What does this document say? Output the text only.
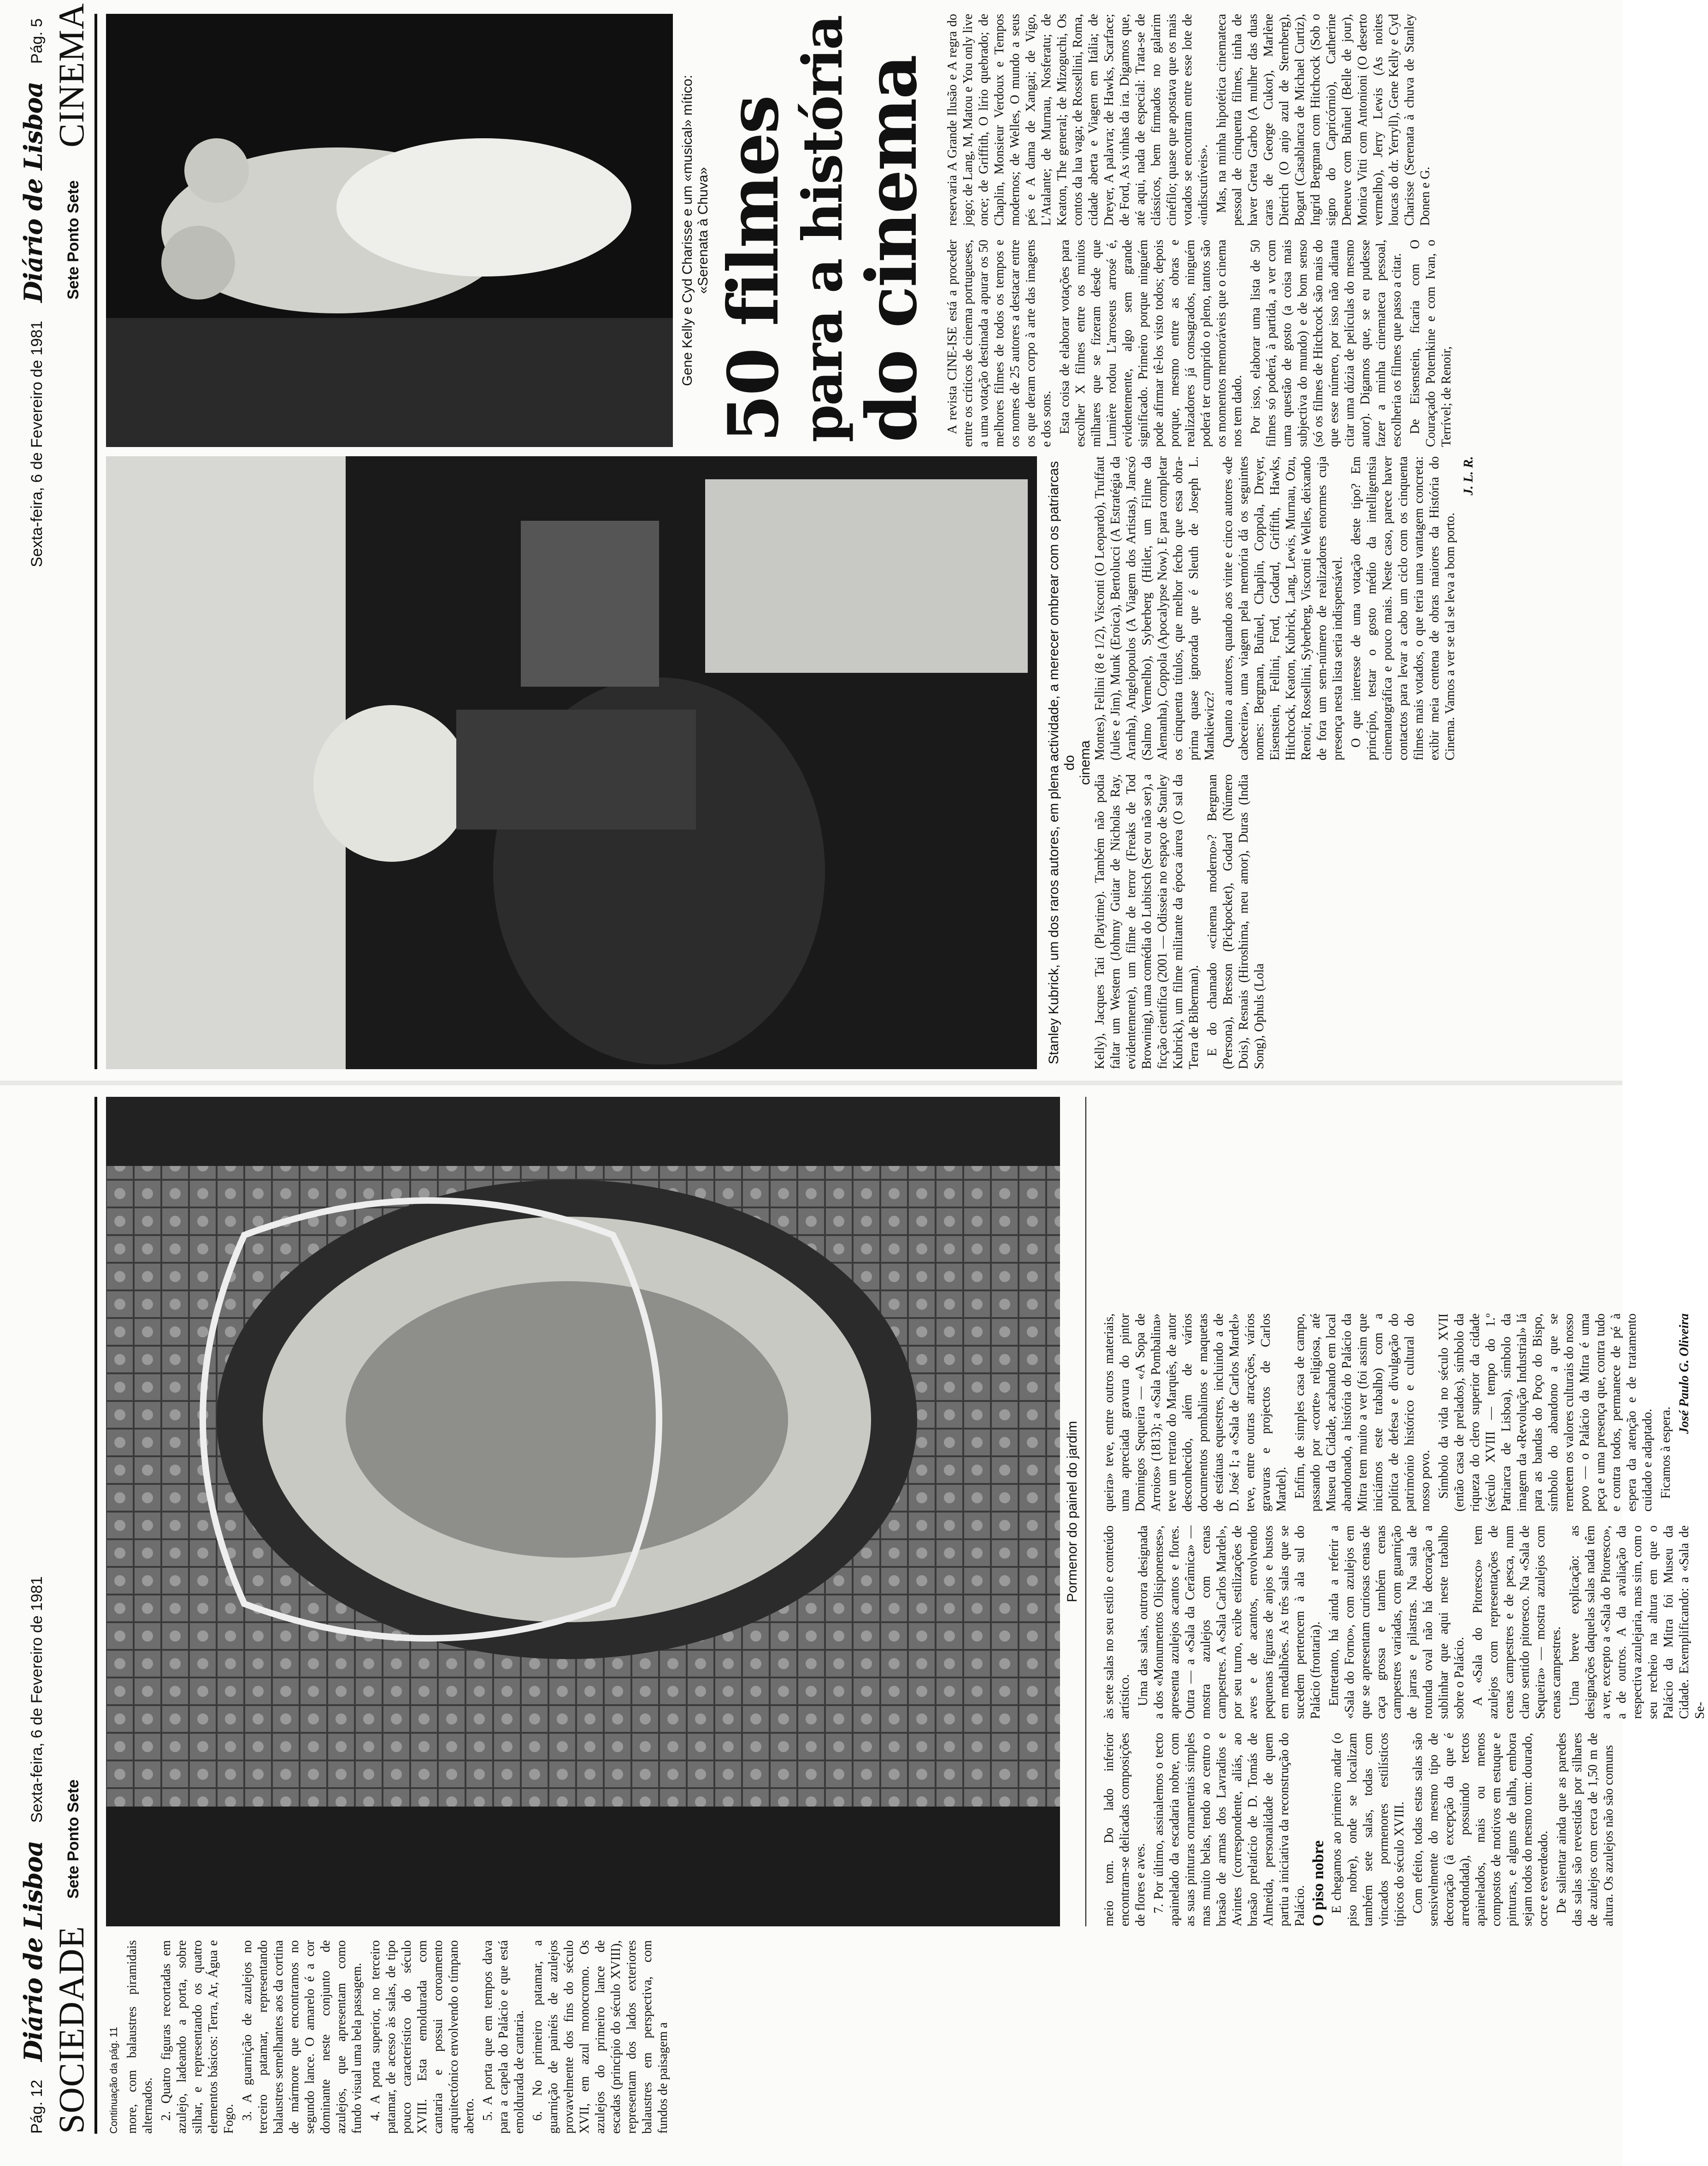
Pág. 12 Diário de Lisboa Sexta-feira, 6 de Fevereiro de 1981
SOCIEDADE
Sete Ponto Sete
Pormenor do painel do jardim

Continuação da pág. 11 more, com balaustres piramidais alternados. 2. Quatro figuras recortadas em azulejo, ladeando a porta, sobre silhar, e representando os quatro elementos básicos: Terra, Ar, Água e Fogo. 3. A guarnição de azulejos no terceiro patamar, representando balaustres semelhantes aos da cortina de mármore que encontramos no segundo lance. O amarelo é a cor dominante neste conjunto de azulejos, que apresentam como fundo visual uma bela passagem. 4. A porta superior, no terceiro patamar, de acesso às salas, de tipo pouco característico do século XVIII. Esta emoldurada com cantaria e possui coroamento arquitectónico envolvendo o tímpano aberto. 5. A porta que em tempos dava para a capela do Palácio e que está emoldurada de cantaria. 6. No primeiro patamar, a guarnição de painéis de azulejos provavelmente dos fins do século XVII, em azul monocromo. Os azulejos do primeiro lance de escadas (princípio do século XVIII), representam dos lados exteriores balaustres em perspectiva, com fundos de paisagem a

meio tom. Do lado inferior encontram-se delicadas composições de flores e aves. 7. Por último, assinalemos o tecto apainelado da escadaria nobre, com as suas pinturas ornamentais simples mas muito belas, tendo ao centro o brasão de armas dos Lavradios e Avintes (correspondente, aliás, ao brasão prelatício de D. Tomás de Almeida, personalidade de quem partiu a iniciativa da reconstrução do Palácio. O piso nobre E chegamos ao primeiro andar (o piso nobre), onde se localizam também sete salas, todas com vincados pormenores estilísticos típicos do século XVIII. Com efeito, todas estas salas são sensivelmente do mesmo tipo de decoração (à excepção da que é arredondada), possuindo tectos apainelados, mais ou menos compostos de motivos em estuque e pinturas, e alguns de talha, embora sejam todos do mesmo tom: dourado, ocre e esverdeado. De salientar ainda que as paredes das salas são revestidas por silhares de azulejos com cerca de 1,50 m de altura. Os azulejos não são comuns

às sete salas no seu estilo e conteúdo artístico. Uma das salas, outrora designada a dos «Monumentos Olisiponenses», apresenta azulejos acantos e flores. Outra — a «Sala da Cerâmica» — mostra azulejos com cenas campestres. A «Sala Carlos Mardel», por seu turno, exibe estilizações de aves e de acantos, envolvendo pequenas figuras de anjos e bustos em medalhões. As três salas que se sucedem pertencem à ala sul do Palácio (frontaria). Entretanto, há ainda a referir a «Sala do Forno», com azulejos em que se apresentam curiosas cenas de caça grossa e também cenas campestres variadas, com guarnição de jarras e pilastras. Na sala de rotunda oval não há decoração a sublinhar que aqui neste trabalho sobre o Palácio. A «Sala do Pitoresco» tem azulejos com representações de cenas campestres e de pesca, num claro sentido pitoresco. Na «Sala de Sequeira» — mostra azulejos com cenas campestres. Uma breve explicação: as designações daquelas salas nada têm a ver, excepto a «Sala do Pitoresco», a de outros. A da avaliação da respectiva azulejaria, mas sim, com o seu recheio na altura em que o Palácio da Mitra foi Museu da Cidade. Exemplificando: a «Sala de Se-

queira» teve, entre outros materiais, uma apreciada gravura do pintor Domingos Sequeira — «A Sopa de Arroios» (1813); a «Sala Pombalina» teve um retrato do Marquês, de autor desconhecido, além de vários documentos pombalinos e maquetas de estátuas equestres, incluindo a de D. José I; a «Sala de Carlos Mardel» teve, entre outras atracções, vários gravuras e projectos de Carlos Mardel). Enfim, de simples casa de campo, passando por «corte» religiosa, até Museu da Cidade, acabando em local abandonado, a história do Palácio da Mitra tem muito a ver (foi assim que iniciámos este trabalho) com a política de defesa e divulgação do património histórico e cultural do nosso povo. Símbolo da vida no século XVII (então casa de prelados), símbolo da riqueza do clero superior da cidade (século XVIII — tempo do 1.º Patriarca de Lisboa), símbolo da imagem da «Revolução Industrial» lá para as bandas do Poço do Bispo, símbolo do abandono a que se remetem os valores culturais do nosso povo — o Palácio da Mitra é uma peça e uma presença que, contra tudo e contra todos, permanece de pé à espera da atenção e de tratamento cuidado e adaptado. Ficamos à espera.

José Paulo G. Oliveira

Sexta-feira, 6 de Fevereiro de 1981 Diário de Lisboa Pág. 5
Sete Ponto Sete
CINEMA
Stanley Kubrick, um dos raros autores, em plena actividade, a merecer ombrear com os patriarcas do cinema
Gene Kelly e Cyd Charisse e um «musical» mítico: «Serenata à Chuva» 50 filmes
para a história
do cinema A revista CINE-ISE está a proceder entre os críticos de cinema portugueses, a uma votação destinada a apurar os 50 melhores filmes de todos os tempos e os nomes de 25 autores a destacar entre os que deram corpo à arte das imagens e dos sons. Esta coisa de elaborar votações para escolher X filmes entre os muitos milhares que se fizeram desde que Lumière rodou L'arroseus arrosé é, evidentemente, algo sem grande significado. Primeiro porque ninguém pode afirmar tê-los visto todos; depois porque, mesmo entre as obras e realizadores já consagrados, ninguém poderá ter cumprido o pleno, tantos são os momentos memoráveis que o cinema nos tem dado. Por isso, elaborar uma lista de 50 filmes só poderá, à partida, a ver com uma questão de gosto (a coisa mais subjectiva do mundo) e de bom senso (só os filmes de Hitchcock são mais do que esse número, por isso não adianta citar uma dúzia de películas do mesmo autor). Digamos que, se eu pudesse fazer a minha cinemateca pessoal, escolheria os filmes que passo a citar. De Eisenstein, ficaria com O Couraçado Potemkine e com Ivan, o Terrível; de Renoir,

reservaria A Grande Ilusão e A regra do jogo; de Lang, M, Matou e You only live once; de Griffith, O lírio quebrado; de Chaplin, Monsieur Verdoux e Tempos modernos; de Welles, O mundo a seus pés e A dama de Xangai; de Vigo, L'Atalante; de Murnau, Nosferatu; de Keaton, The general; de Mizoguchi, Os contos da lua vaga; de Rossellini, Roma, cidade aberta e Viagem em Itália; de Dreyer, A palavra; de Hawks, Scarface; de Ford, As vinhas da ira. Digamos que, até aqui, nada de especial: Trata-se de clássicos, bem firmados no galarim cinéfilo; quase que apostava que os mais votados se encontram entre esse lote de «indiscutíveis». Mas, na minha hipotética cinemateca pessoal de cinquenta filmes, tinha de haver Greta Garbo (A mulher das duas caras de George Cukor), Marlène Dietrich (O anjo azul de Sternberg), Bogart (Casablanca de Michael Curtiz), Ingrid Bergman com Hitchcock (Sob o signo do Capricórnio), Catherine Deneuve com Buñuel (Belle de jour), Monica Vitti com Antonioni (O deserto vermelho), Jerry Lewis (As noites loucas do dr. Yerryll), Gene Kelly e Cyd Charisse (Serenata à chuva de Stanley Donen e G.

Kelly), Jacques Tati (Playtime). Também não podia faltar um Western (Johnny Guitar de Nicholas Ray, evidentemente), um filme de terror (Freaks de Tod Browning), uma comédia do Lubitsch (Ser ou não ser), a ficção científica (2001 — Odisseia no espaço de Stanley Kubrick), um filme militante da época áurea (O sal da Terra de Biberman). E do chamado «cinema moderno»? Bergman (Persona), Bresson (Pickpocket), Godard (Número Dois), Resnais (Hiroshima, meu amor), Duras (India Song), Ophuls (Lola

Montes), Fellini (8 e 1/2), Visconti (O Leopardo), Truffaut (Jules e Jim), Munk (Eroica), Bertolucci (A Estratégia da Aranha), Angelopoulos (A Viagem dos Artistas), Jancsó (Salmo Vermelho), Syberberg (Hitler, um Filme da Alemanha), Coppola (Apocalypse Now). E para completar os cinquenta títulos, que melhor fecho que essa obra-prima quase ignorada que é Sleuth de Joseph L. Mankiewicz? Quanto a autores, quando aos vinte e cinco autores «de cabeceira», uma viagem pela memória dá os seguintes nomes: Bergman, Buñuel, Chaplin, Coppola, Dreyer, Eisenstein, Fellini, Ford, Godard, Griffith, Hawks, Hitchcock, Keaton, Kubrick, Lang, Lewis, Murnau, Ozu, Renoir, Rossellini, Syberberg, Visconti e Welles, deixando de fora um sem-número de realizadores enormes cuja presença nesta lista seria indispensável. O que interesse de uma votação deste tipo? Em princípio, testar o gosto médio da intelligentsia cinematográfica e pouco mais. Neste caso, parece haver contactos para levar a cabo um ciclo com os cinquenta filmes mais votados, o que teria uma vantagem concreta: exibir meia centena de obras maiores da História do Cinema. Vamos a ver se tal se leva a bom porto.

J. L. R.
